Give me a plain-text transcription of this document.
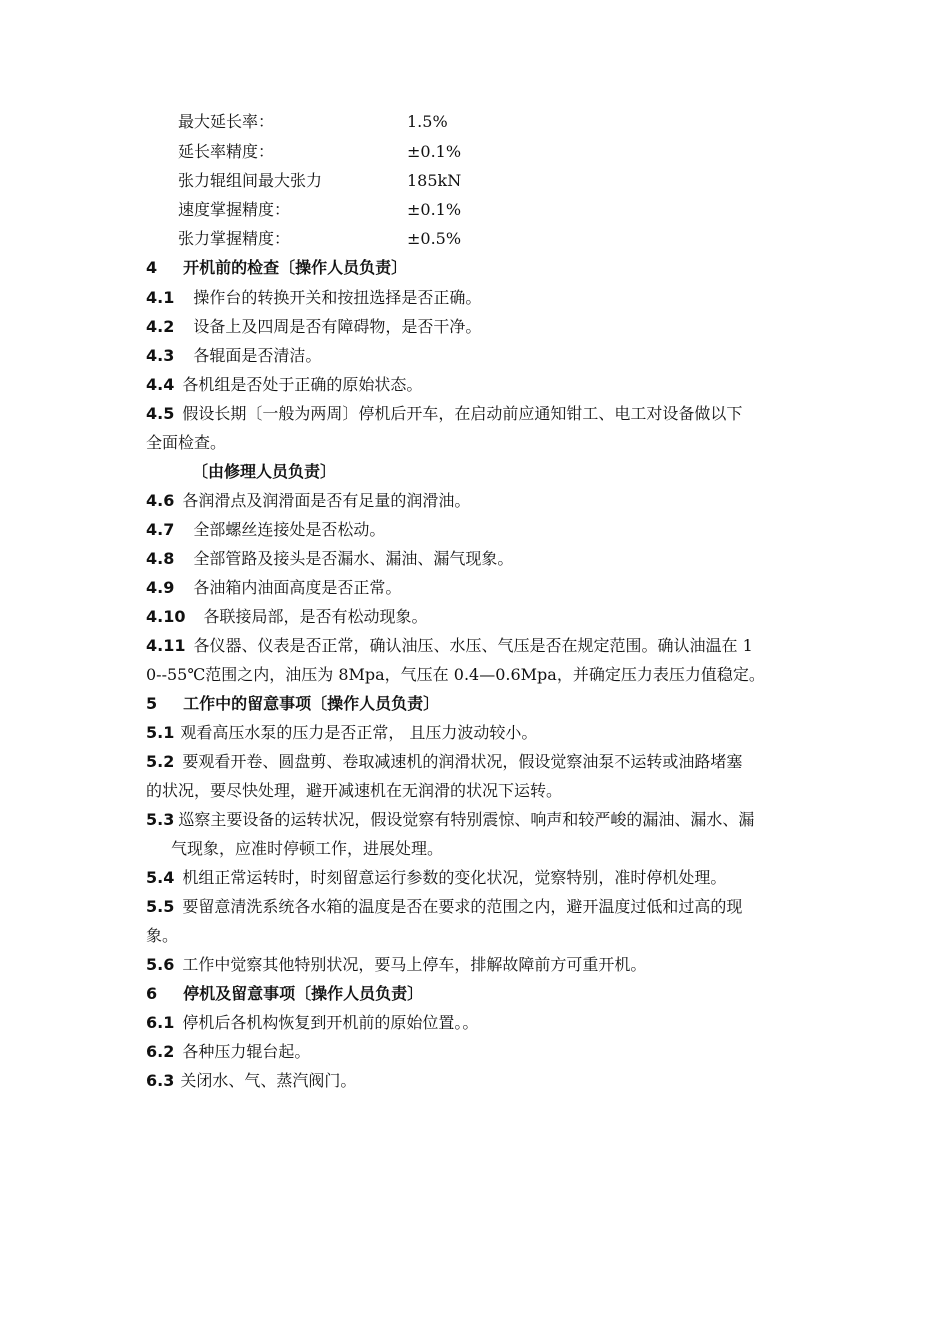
最大延长率：	1.5%
延长率精度：	±0.1%
张力辊组间最大张力	185kN
速度掌握精度：	±0.1%
张力掌握精度：	±0.5%
4 开机前的检查〔操作人员负责〕
4.1 操作台的转换开关和按扭选择是否正确。
4.2 设备上及四周是否有障碍物，是否干净。
4.3 各辊面是否清洁。
4.4 各机组是否处于正确的原始状态。
4.5 假设长期〔一般为两周〕停机后开车，在启动前应通知钳工、电工对设备做以下
全面检查。
〔由修理人员负责〕
4.6 各润滑点及润滑面是否有足量的润滑油。
4.7 全部螺丝连接处是否松动。
4.8 全部管路及接头是否漏水、漏油、漏气现象。
4.9 各油箱内油面高度是否正常。
4.10 各联接局部，是否有松动现象。
4.11 各仪器、仪表是否正常，确认油压、水压、气压是否在规定范围。确认油温在 1
0--55℃范围之内，油压为 8Mpa，气压在 0.4—0.6Mpa，并确定压力表压力值稳定。
5 工作中的留意事项〔操作人员负责〕
5.1 观看高压水泵的压力是否正常， 且压力波动较小。
5.2 要观看开卷、圆盘剪、卷取减速机的润滑状况，假设觉察油泵不运转或油路堵塞
的状况，要尽快处理，避开减速机在无润滑的状况下运转。
5.3 巡察主要设备的运转状况，假设觉察有特别震惊、响声和较严峻的漏油、漏水、漏
气现象，应准时停顿工作，进展处理。
5.4 机组正常运转时，时刻留意运行参数的变化状况，觉察特别，准时停机处理。
5.5 要留意清洗系统各水箱的温度是否在要求的范围之内，避开温度过低和过高的现
象。
5.6 工作中觉察其他特别状况，要马上停车，排解故障前方可重开机。
6 停机及留意事项〔操作人员负责〕
6.1 停机后各机构恢复到开机前的原始位置。。
6.2 各种压力辊台起。
6.3 关闭水、气、蒸汽阀门。
